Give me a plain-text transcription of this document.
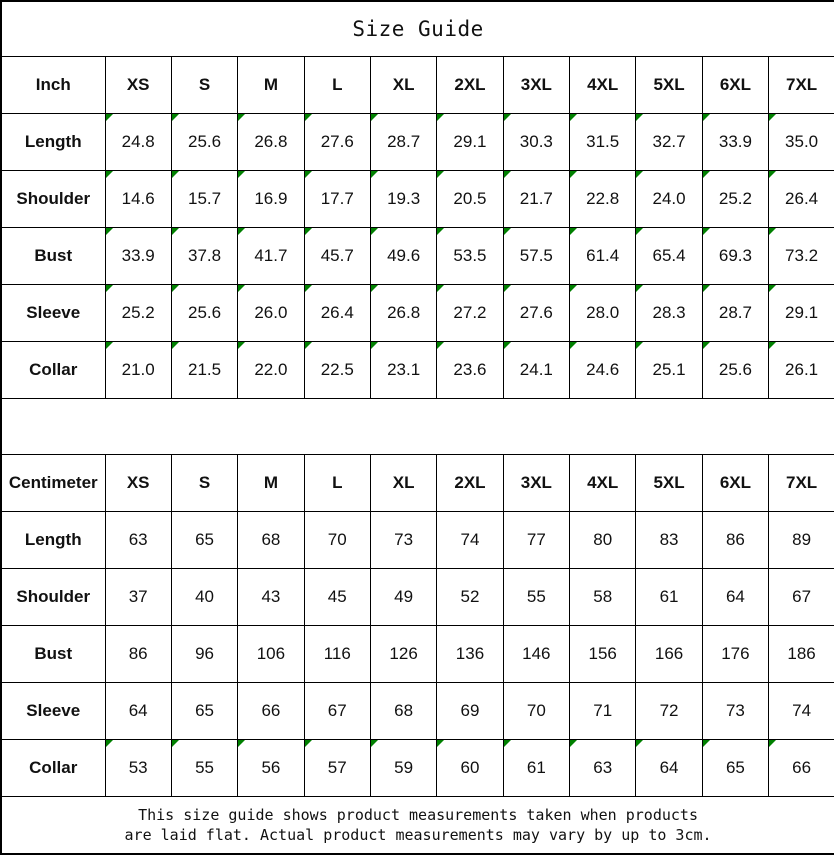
Size Guide											
Inch	XS	S	M	L	XL	2XL	3XL	4XL	5XL	6XL	7XL
Length	24.8	25.6	26.8	27.6	28.7	29.1	30.3	31.5	32.7	33.9	35.0

Shoulder	14.6	15.7	16.9	17.7	19.3	20.5	21.7	22.8	24.0	25.2	26.4

Bust	33.9	37.8	41.7	45.7	49.6	53.5	57.5	61.4	65.4	69.3	73.2

Sleeve	25.2	25.6	26.0	26.4	26.8	27.2	27.6	28.0	28.3	28.7	29.1

Collar	21.0	21.5	22.0	22.5	23.1	23.6	24.1	24.6	25.1	25.6	26.1

Centimeter	XS	S	M	L	XL	2XL	3XL	4XL	5XL	6XL	7XL
Length	63	65	68	70	73	74	77	80	83	86	89
Shoulder	37	40	43	45	49	52	55	58	61	64	67
Bust	86	96	106	116	126	136	146	156	166	176	186
Sleeve	64	65	66	67	68	69	70	71	72	73	74
Collar	53	55	56	57	59	60	61	63	64	65	66

This size guide shows product measurements taken when products
are laid flat. Actual product measurements may vary by up to 3cm.											
